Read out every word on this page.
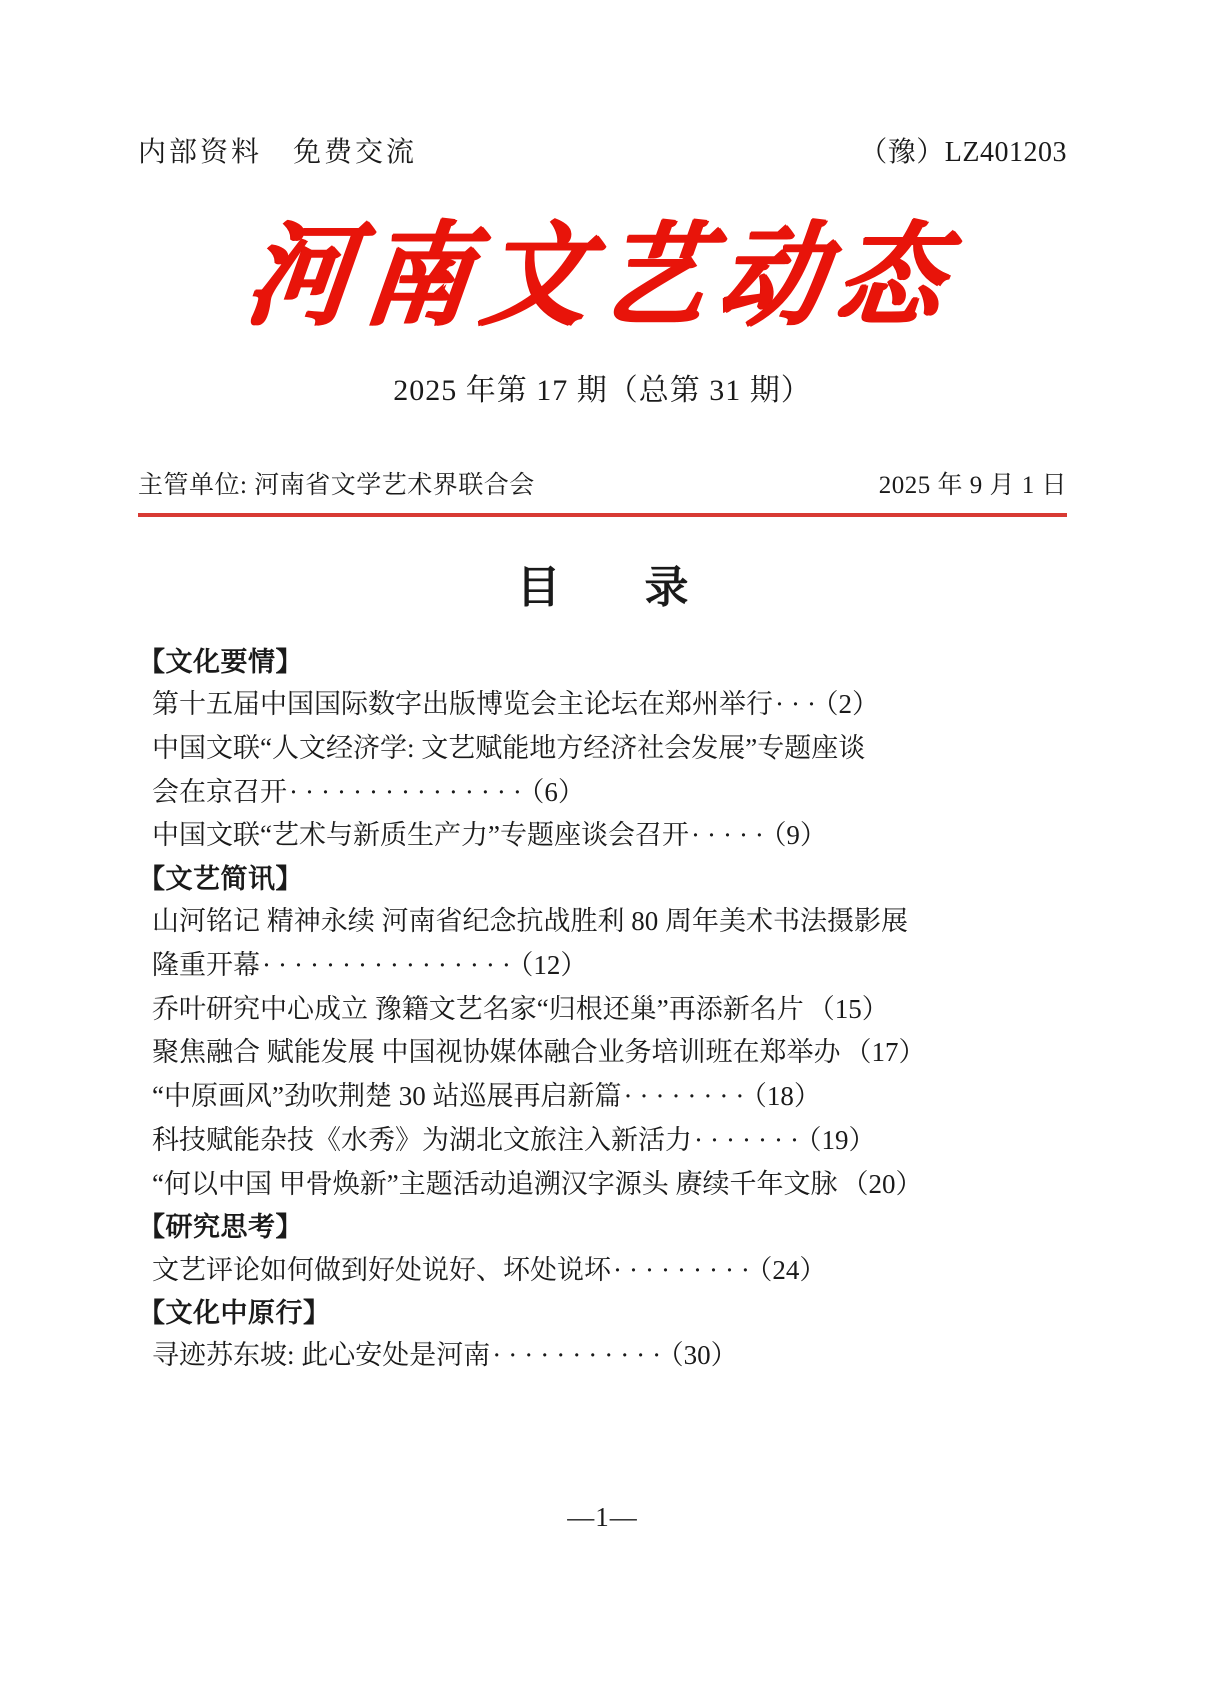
内部资料　免费交流	（豫）LZ401203
河南文艺动态
2025 年第 17 期（总第 31 期）
主管单位: 河南省文学艺术界联合会	2025 年 9 月 1 日
目　录
【文化要情】
第十五届中国国际数字出版博览会主论坛在郑州举行···（2）
中国文联“人文经济学: 文艺赋能地方经济社会发展”专题座谈
会在京召开···············（6）
中国文联“艺术与新质生产力”专题座谈会召开·····（9）
【文艺简讯】
山河铭记 精神永续 河南省纪念抗战胜利 80 周年美术书法摄影展
隆重开幕················（12）
乔叶研究中心成立 豫籍文艺名家“归根还巢”再添新名片 （15）
聚焦融合 赋能发展 中国视协媒体融合业务培训班在郑举办 （17）
“中原画风”劲吹荆楚 30 站巡展再启新篇········（18）
科技赋能杂技《水秀》为湖北文旅注入新活力·······（19）
“何以中国 甲骨焕新”主题活动追溯汉字源头 赓续千年文脉 （20）
【研究思考】
文艺评论如何做到好处说好、坏处说坏·········（24）
【文化中原行】
寻迹苏东坡: 此心安处是河南···········（30）
—1—
